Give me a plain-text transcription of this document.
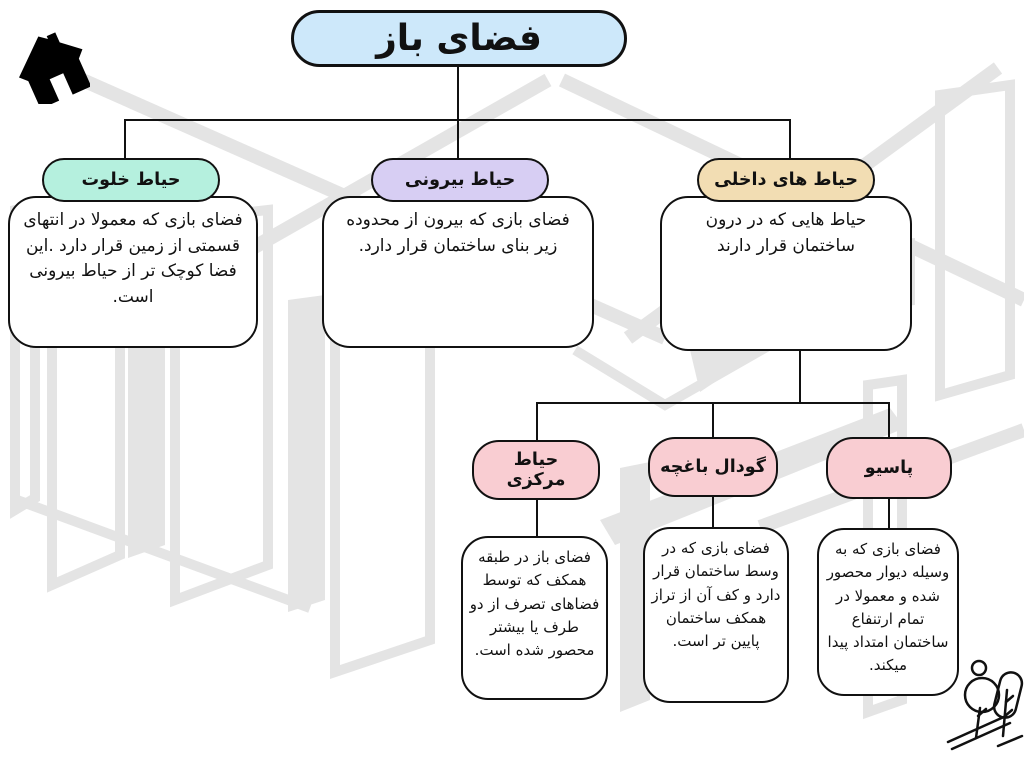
فضای باز
حیاط خلوت	حیاط بیرونی	حیاط های داخلی
فضای بازی که معمولا در انتهای قسمتی از زمین قرار دارد .این فضا کوچک تر از حیاط بیرونی است.
فضای بازی که بیرون از محدوده زیر بنای ساختمان قرار دارد.
حیاط هایی که در درون ساختمان قرار دارند
حیاط مرکزی
گودال باغچه	پاسیو
فضای باز در طبقه همکف که توسط فضاهای تصرف از دو طرف یا بیشتر محصور شده است.
فضای بازی که در وسط ساختمان قرار دارد و کف آن از تراز همکف ساختمان پایین تر است.
فضای بازی که به وسیله دیوار محصور شده و معمولا در تمام ارتنفاع ساختمان امتداد پیدا میکند.
